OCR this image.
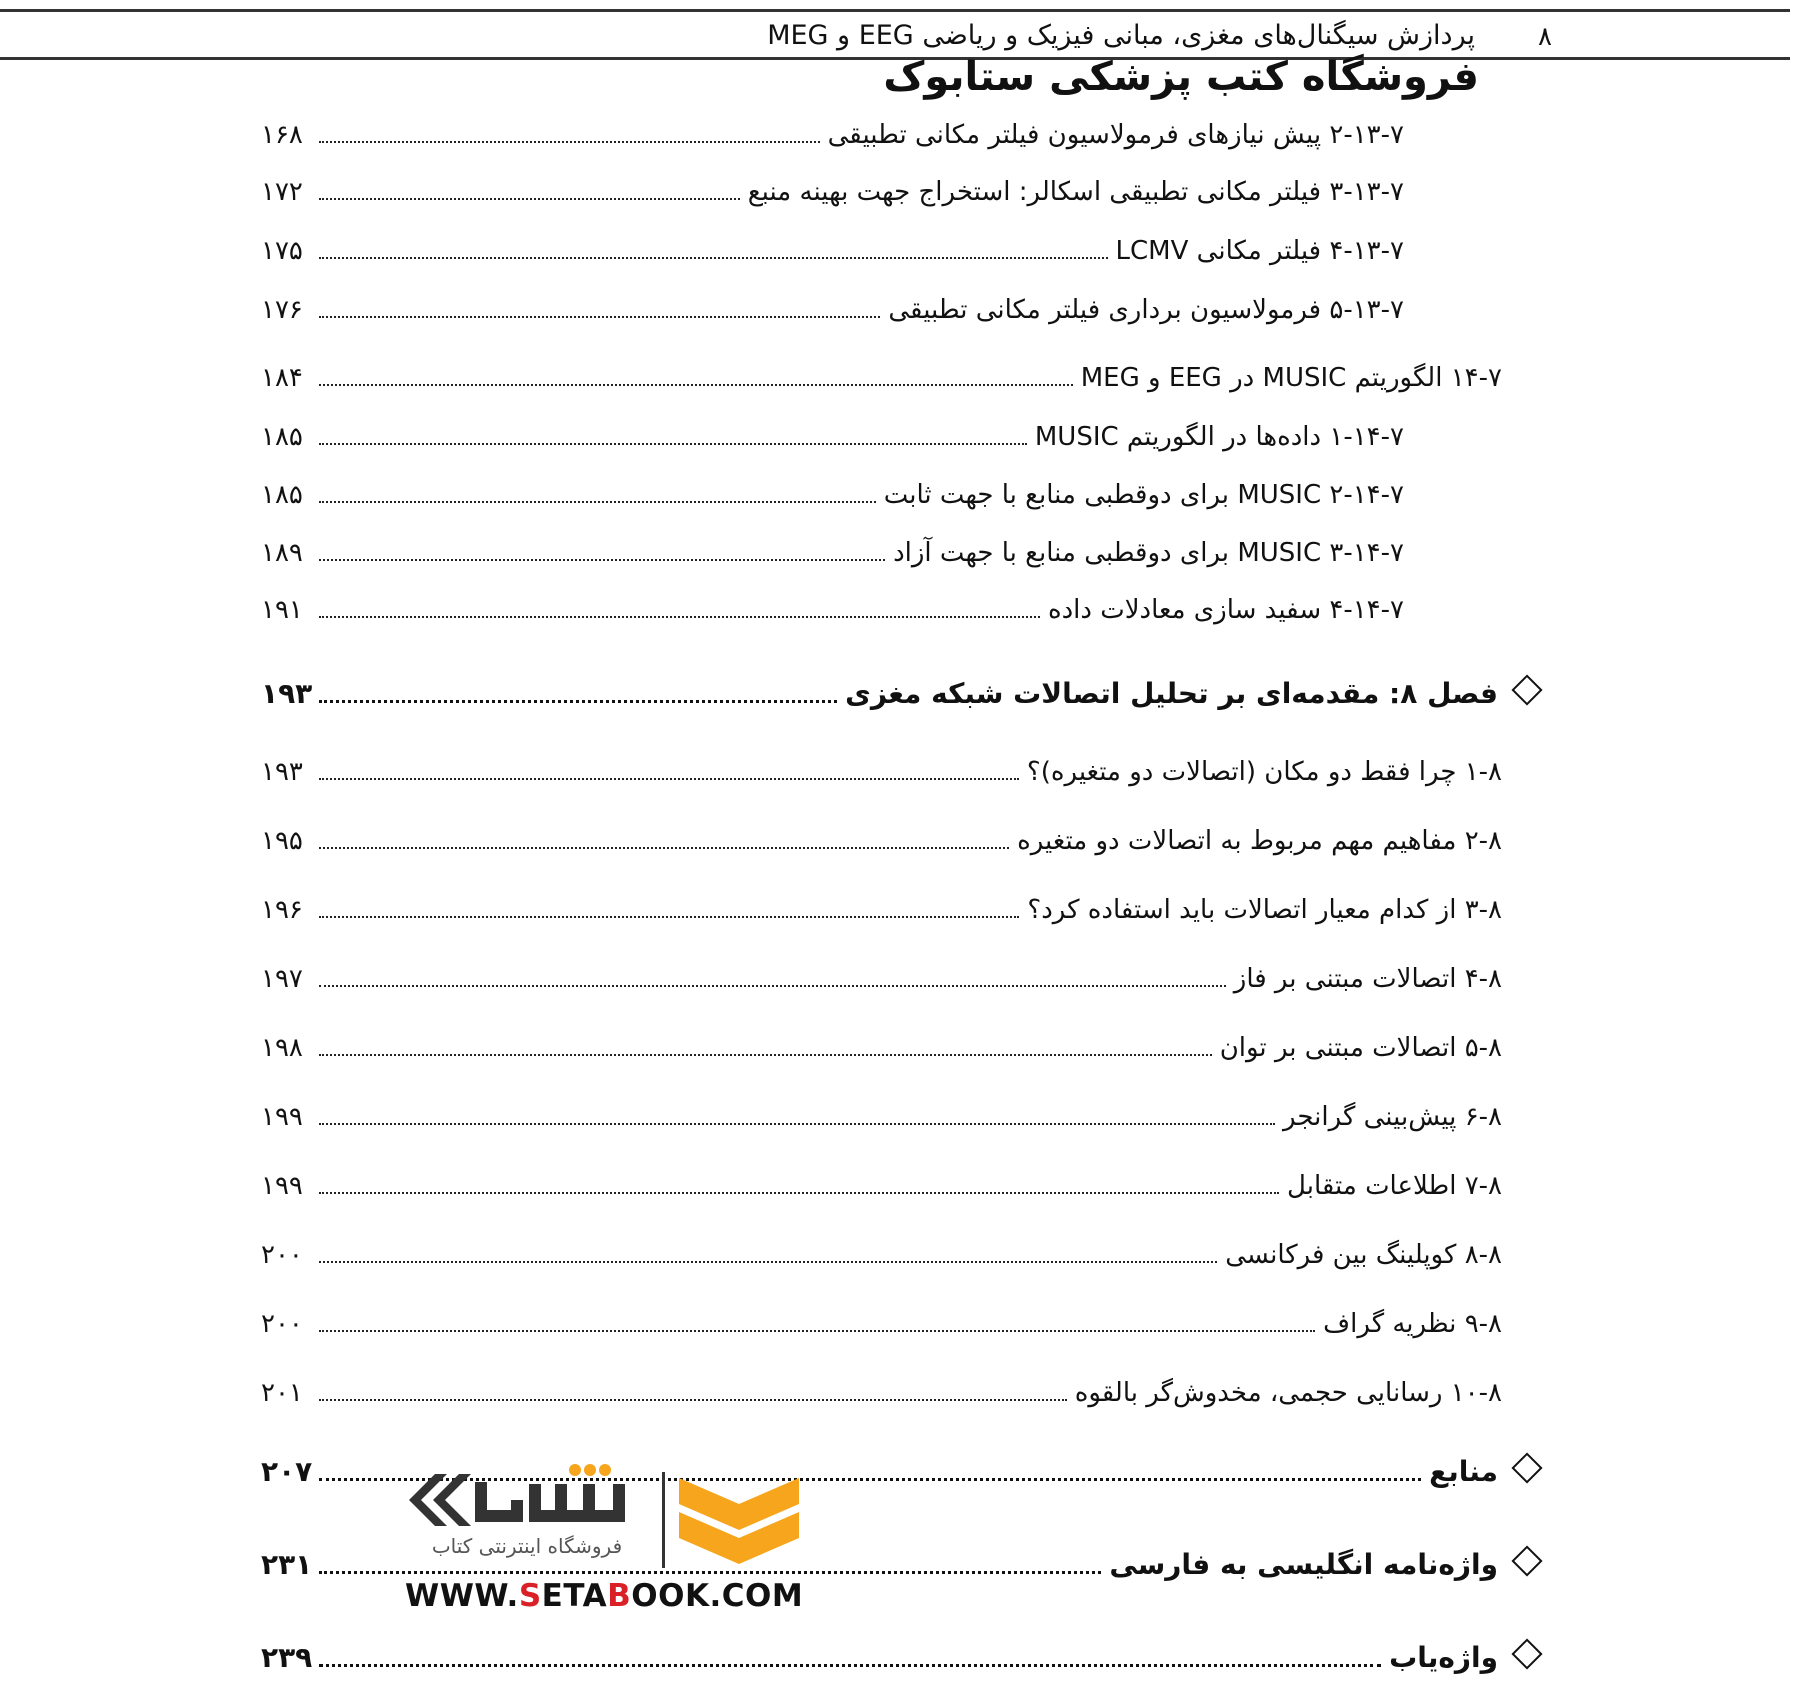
۸
پردازش سیگنال‌های مغزی، مبانی فیزیک و ریاضی EEG و MEG
فروشگاه کتب پزشکی ستابوک
۲-۱۳-۷ پیش نیازهای فرمولاسیون فیلتر مکانی تطبیقی
۱۶۸
۳-۱۳-۷ فیلتر مکانی تطبیقی اسکالر: استخراج جهت بهینه منبع
۱۷۲
۴-۱۳-۷ فیلتر مکانی LCMV
۱۷۵
۵-۱۳-۷ فرمولاسیون برداری فیلتر مکانی تطبیقی
۱۷۶
۱۴-۷ الگوریتم MUSIC در EEG و MEG
۱۸۴
۱-۱۴-۷ داده‌ها در الگوریتم MUSIC
۱۸۵
۲-۱۴-۷ MUSIC برای دوقطبی منابع با جهت ثابت
۱۸۵
۳-۱۴-۷ MUSIC برای دوقطبی منابع با جهت آزاد
۱۸۹
۴-۱۴-۷ سفید سازی معادلات داده
۱۹۱
فصل ۸: مقدمه‌ای بر تحلیل اتصالات شبکه مغزی
۱۹۳
۱-۸ چرا فقط دو مکان (اتصالات دو متغیره)؟
۱۹۳
۲-۸ مفاهیم مهم مربوط به اتصالات دو متغیره
۱۹۵
۳-۸ از کدام معیار اتصالات باید استفاده کرد؟
۱۹۶
۴-۸ اتصالات مبتنی بر فاز
۱۹۷
۵-۸ اتصالات مبتنی بر توان
۱۹۸
۶-۸ پیش‌بینی گرانجر
۱۹۹
۷-۸ اطلاعات متقابل
۱۹۹
۸-۸ کوپلینگ بین فرکانسی
۲۰۰
۹-۸ نظریه گراف
۲۰۰
۱۰-۸ رسانایی حجمی، مخدوش‌گر بالقوه
۲۰۱
منابع
۲۰۷
واژه‌نامه انگلیسی به فارسی
۲۳۱
واژه‌یاب
۲۳۹
فروشگاه اینترنتی کتاب
WWW.SETABOOK.COM
